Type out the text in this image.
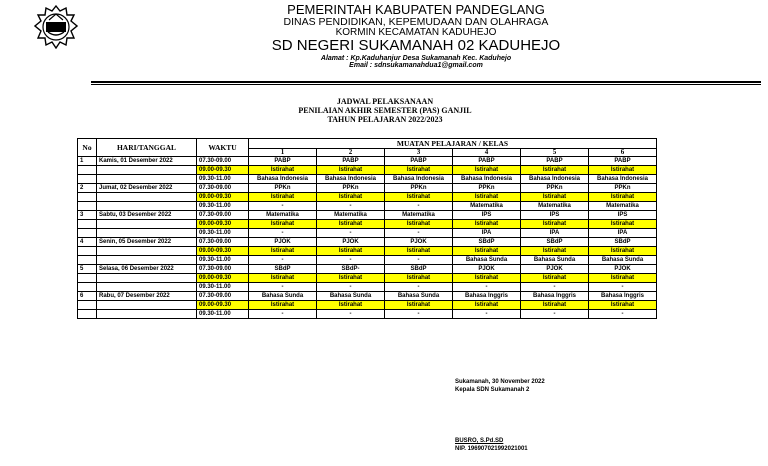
PEMERINTAH KABUPATEN PANDEGLANG
DINAS PENDIDIKAN, KEPEMUDAAN DAN OLAHRAGA
KORMIN KECAMATAN KADUHEJO
SD NEGERI SUKAMANAH 02 KADUHEJO
Alamat : Kp.Kaduhanjur Desa Sukamanah Kec. Kaduhejo
Email : sdnsukamanahdua1@gmail.com
JADWAL PELAKSANAAN
PENILAIAN AKHIR SEMESTER (PAS) GANJIL
TAHUN PELAJARAN 2022/2023
No	HARI/TANGGAL	WAKTU	MUATAN PELAJARAN / KELAS					
			1	2	3	4	5	6
1	Kamis, 01 Desember 2022	07.30-09.00	PABP	PABP	PABP	PABP	PABP	PABP
		09.00-09.30	Istirahat	Istirahat	Istirahat	Istirahat	Istirahat	Istirahat
		09.30-11.00	Bahasa Indonesia	Bahasa Indonesia	Bahasa Indonesia	Bahasa Indonesia	Bahasa Indonesia	Bahasa Indonesia
2	Jumat, 02 Desember 2022	07.30-09.00	PPKn	PPKn	PPKn	PPKn	PPKn	PPKn
		09.00-09.30	Istirahat	Istirahat	Istirahat	Istirahat	Istirahat	Istirahat
		09.30-11.00	-	-	-	Matematika	Matematika	Matematika
3	Sabtu, 03 Desember 2022	07.30-09.00	Matematika	Matematika	Matematika	IPS	IPS	IPS
		09.00-09.30	Istirahat	Istirahat	Istirahat	Istirahat	Istirahat	Istirahat
		09.30-11.00	-	-	-	IPA	IPA	IPA
4	Senin, 05 Desember 2022	07.30-09.00	PJOK	PJOK	PJOK	SBdP	SBdP	SBdP
		09.00-09.30	Istirahat	Istirahat	Istirahat	Istirahat	Istirahat	Istirahat
		09.30-11.00	-	-	-	Bahasa Sunda	Bahasa Sunda	Bahasa Sunda
5	Selasa, 06 Desember 2022	07.30-09.00	SBdP	SBdP-	SBdP	PJOK	PJOK	PJOK
		09.00-09.30	Istirahat	Istirahat	Istirahat	Istirahat	Istirahat	Istirahat
		09.30-11.00	-	-	-	-	-	-
6	Rabu, 07 Desember 2022	07.30-09.00	Bahasa Sunda	Bahasa Sunda	Bahasa Sunda	Bahasa Inggris	Bahasa Inggris	Bahasa Inggris
		09.00-09.30	Istirahat	Istirahat	Istirahat	Istirahat	Istirahat	Istirahat
		09.30-11.00	-	-	-	-	-	-
Sukamanah, 30 November 2022
Kepala SDN Sukamanah 2
BUSRO, S.Pd.SD
NIP. 196907021992021001
